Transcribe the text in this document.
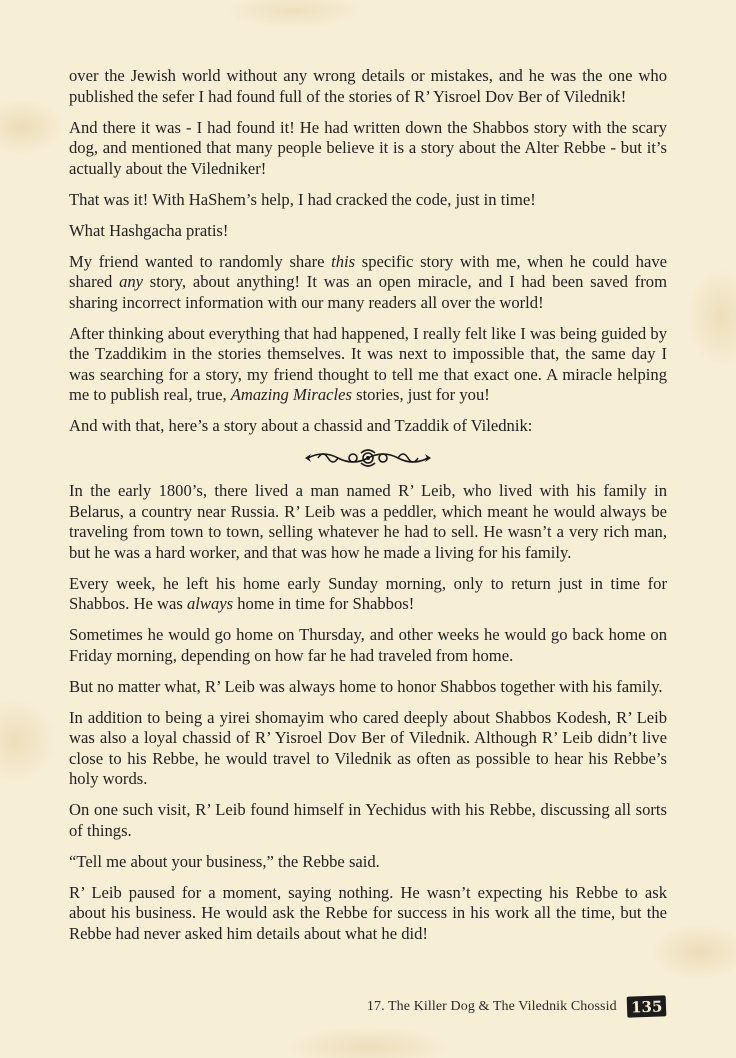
over the Jewish world without any wrong details or mistakes, and he was the one who published the sefer I had found full of the stories of R’ Yisroel Dov Ber of Vilednik!

And there it was - I had found it! He had written down the Shabbos story with the scary dog, and mentioned that many people believe it is a story about the Alter Rebbe - but it’s actually about the Viledniker!

That was it! With HaShem’s help, I had cracked the code, just in time!

What Hashgacha pratis!

My friend wanted to randomly share this specific story with me, when he could have shared any story, about anything! It was an open miracle, and I had been saved from sharing incorrect information with our many readers all over the world!

After thinking about everything that had happened, I really felt like I was being guided by the Tzaddikim in the stories themselves. It was next to impossible that, the same day I was searching for a story, my friend thought to tell me that exact one. A miracle helping me to publish real, true, Amazing Miracles stories, just for you!

And with that, here’s a story about a chassid and Tzaddik of Vilednik:

In the early 1800’s, there lived a man named R’ Leib, who lived with his family in Belarus, a country near Russia. R’ Leib was a peddler, which meant he would always be traveling from town to town, selling whatever he had to sell. He wasn’t a very rich man, but he was a hard worker, and that was how he made a living for his family.

Every week, he left his home early Sunday morning, only to return just in time for Shabbos. He was always home in time for Shabbos!

Sometimes he would go home on Thursday, and other weeks he would go back home on Friday morning, depending on how far he had traveled from home.

But no matter what, R’ Leib was always home to honor Shabbos together with his family.

In addition to being a yirei shomayim who cared deeply about Shabbos Kodesh, R’ Leib was also a loyal chassid of R’ Yisroel Dov Ber of Vilednik. Although R’ Leib didn’t live close to his Rebbe, he would travel to Vilednik as often as possible to hear his Rebbe’s holy words.

On one such visit, R’ Leib found himself in Yechidus with his Rebbe, discussing all sorts of things.

“Tell me about your business,” the Rebbe said.

R’ Leib paused for a moment, saying nothing. He wasn’t expecting his Rebbe to ask about his business. He would ask the Rebbe for success in his work all the time, but the Rebbe had never asked him details about what he did!

17. The Killer Dog & The Vilednik Chossid 135
